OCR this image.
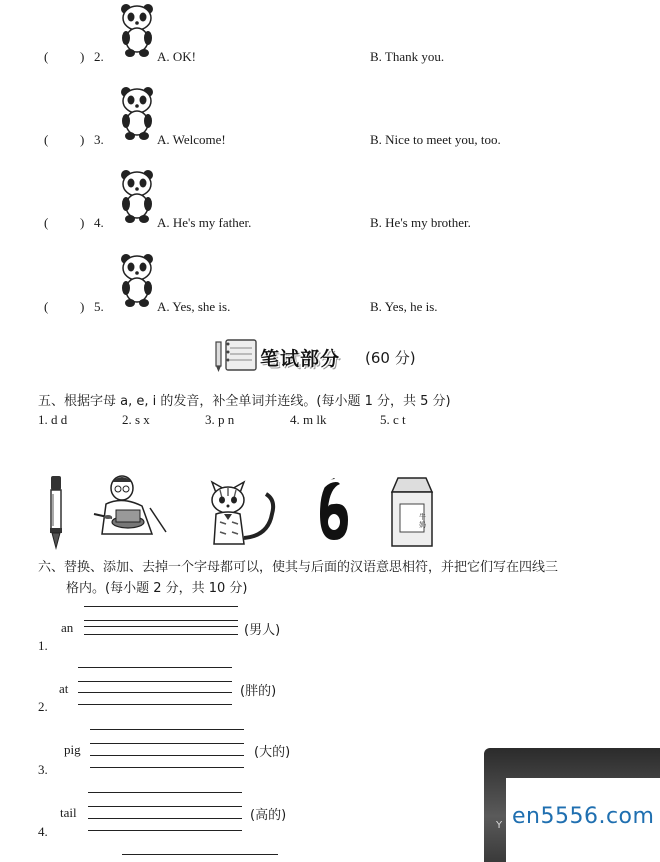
( ) 2.	A. OK!	B. Thank you.
( ) 3.	A. Welcome!	B. Nice to meet you, too.
( ) 4.	A. He's my father.	B. He's my brother.
( ) 5.	A. Yes, she is.	B. Yes, he is.
笔试部分 (60 分)
五、根据字母 a, e, i 的发音，补全单词并连线。(每小题 1 分，共 5 分)
1. d d	2. s x	3. p n	4. m lk	5. c t
牛奶
六、替换、添加、去掉一个字母都可以，使其与后面的汉语意思相符，并把它们写在四线三
格内。(每小题 2 分，共 10 分)
an	(男人)
1.
at	(胖的)
2.
pig	(大的)
3.
tail	(高的)
4.	Y en5556.com
